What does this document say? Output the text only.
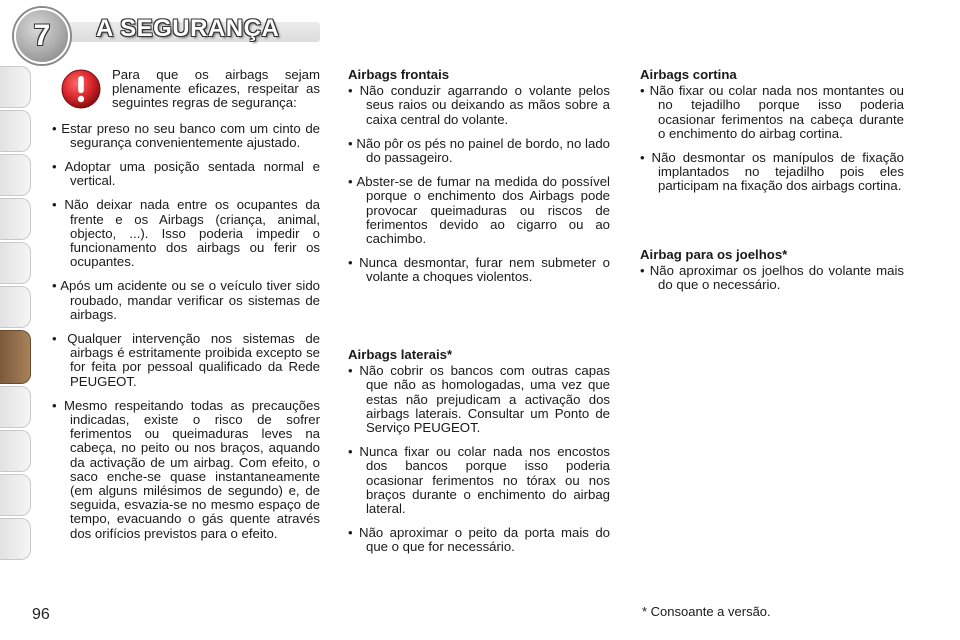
7 A SEGURANÇA

Para que os airbags sejam plenamente eficazes, respeitar as seguintes regras de segurança:

• Estar preso no seu banco com um cinto de segurança convenientemente ajustado.

• Adoptar uma posição sentada normal e vertical.

• Não deixar nada entre os ocupantes da frente e os Airbags (criança, animal, objecto, ...). Isso poderia impedir o funcionamento dos airbags ou ferir os ocupantes.

• Após um acidente ou se o veículo tiver sido roubado, mandar verificar os sistemas de airbags.

• Qualquer intervenção nos sistemas de airbags é estritamente proibida excepto se for feita por pessoal qualificado da Rede PEUGEOT.

• Mesmo respeitando todas as precauções indicadas, existe o risco de sofrer ferimentos ou queimaduras leves na cabeça, no peito ou nos braços, aquando da activação de um airbag. Com efeito, o saco enche-se quase instantaneamente (em alguns milésimos de segundo) e, de seguida, esvazia-se no mesmo espaço de tempo, evacuando o gás quente através dos orifícios previstos para o efeito.

Airbags frontais

• Não conduzir agarrando o volante pelos seus raios ou deixando as mãos sobre a caixa central do volante.

• Não pôr os pés no painel de bordo, no lado do passageiro.

• Abster-se de fumar na medida do possível porque o enchimento dos Airbags pode provocar queimaduras ou riscos de ferimentos devido ao cigarro ou ao cachimbo.

• Nunca desmontar, furar nem submeter o volante a choques violentos.

Airbags laterais*

• Não cobrir os bancos com outras capas que não as homologadas, uma vez que estas não prejudicam a activação dos airbags laterais. Consultar um Ponto de Serviço PEUGEOT.

• Nunca fixar ou colar nada nos encostos dos bancos porque isso poderia ocasionar ferimentos no tórax ou nos braços durante o enchimento do airbag lateral.

• Não aproximar o peito da porta mais do que o que for necessário.

Airbags cortina

• Não fixar ou colar nada nos montantes ou no tejadilho porque isso poderia ocasionar ferimentos na cabeça durante o enchimento do airbag cortina.

• Não desmontar os manípulos de fixação implantados no tejadilho pois eles participam na fixação dos airbags cortina.

Airbag para os joelhos*

• Não aproximar os joelhos do volante mais do que o necessário.

96	* Consoante a versão.
